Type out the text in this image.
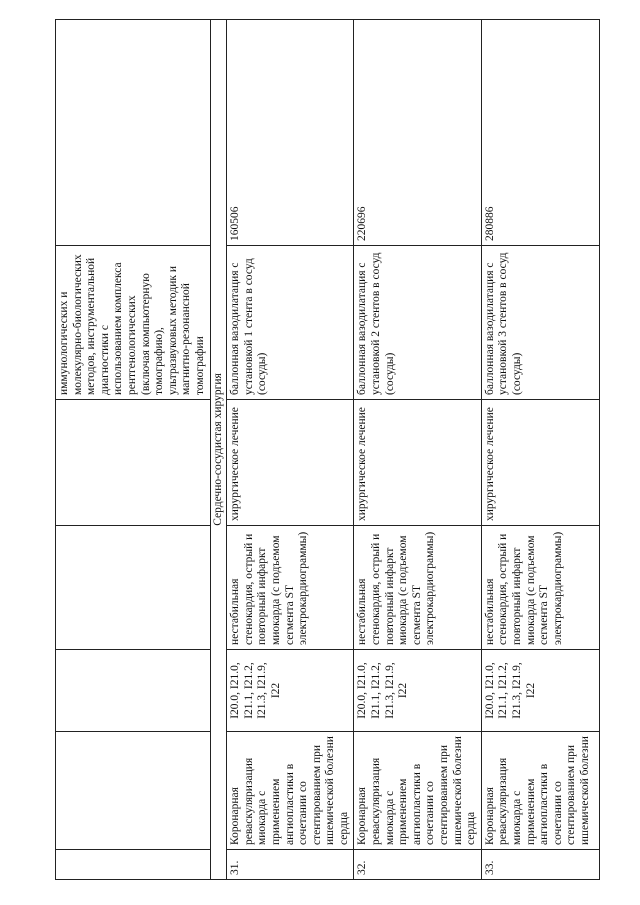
					иммунологических и молекулярно-биологических методов, инструментальной диагностики с использованием комплекса рентгенологических (включая компьютерную томографию), ультразвуковых методик и магнитно-резонансной томографии	
Сердечно-сосудистая хирургия						
31.	Коронарная реваскуляризация миокарда с применением ангиопластики в сочетании со стентированием при ишемической болезни сердца	I20.0, I21.0, I21.1, I21.2, I21.3, I21.9, I22	нестабильная стенокардия, острый и повторный инфаркт миокарда (с подъемом сегмента ST электрокардиограммы)	хирургическое лечение	баллонная вазодилатация с установкой 1 стента в сосуд (сосуды)	160506
32.	Коронарная реваскуляризация миокарда с применением ангиопластики в сочетании со стентированием при ишемической болезни сердца	I20.0, I21.0, I21.1, I21.2, I21.3, I21.9, I22	нестабильная стенокардия, острый и повторный инфаркт миокарда (с подъемом сегмента ST электрокардиограммы)	хирургическое лечение	баллонная вазодилатация с установкой 2 стентов в сосуд (сосуды)	220696
33.	Коронарная реваскуляризация миокарда с применением ангиопластики в сочетании со стентированием при ишемической болезни	I20.0, I21.0, I21.1, I21.2, I21.3, I21.9, I22	нестабильная стенокардия, острый и повторный инфаркт миокарда (с подъемом сегмента ST электрокардиограммы)	хирургическое лечение	баллонная вазодилатация с установкой 3 стентов в сосуд (сосуды)	280886
